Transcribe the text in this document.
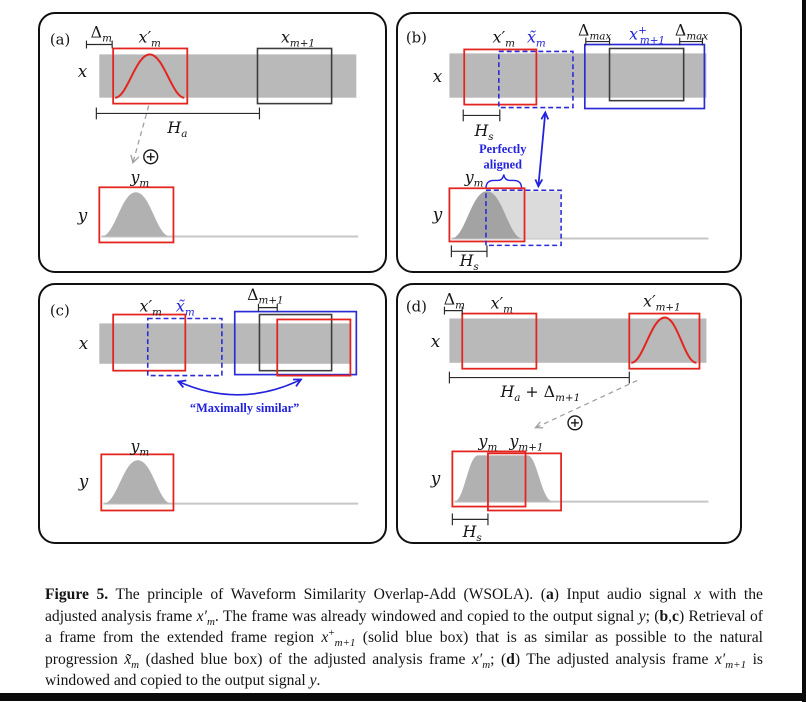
(a) $\Delta_m$ $x'_m$	$x_{m+1}$
x
$H_a$
$y_m$
y
(b)	$x'_m$ $x̃_m$
$\Delta_{max}$ x+ m+1
$\Delta_{max}$
x
$H_s$
Perfectly
aligned
$y_m$
y
$H_s$
(c)	$x'_m$ $x̃_m$
$\Delta_{m+1}$
x
“Maximally similar”
$y_m$
y
(d) $\Delta_m$ $x'_m$	$x'_{m+1}$
x
$H_a + \Delta_{m+1}$
$y_m$ $y_{m+1}$
y
$H_s$
Figure 5. The principle of Waveform Similarity Overlap-Add (WSOLA). (a) Input audio signal x with the adjusted analysis frame $x'_m$. The frame was already windowed and copied to the output signal y; (b,c) Retrieval of a frame from the extended frame region $x^+_{m+1}$ (solid blue box) that is as similar as possible to the natural progression $x̃_m$ (dashed blue box) of the adjusted analysis frame $x'_m$; (d) The adjusted analysis frame $x'_{m+1}$ is windowed and copied to the output signal y.
